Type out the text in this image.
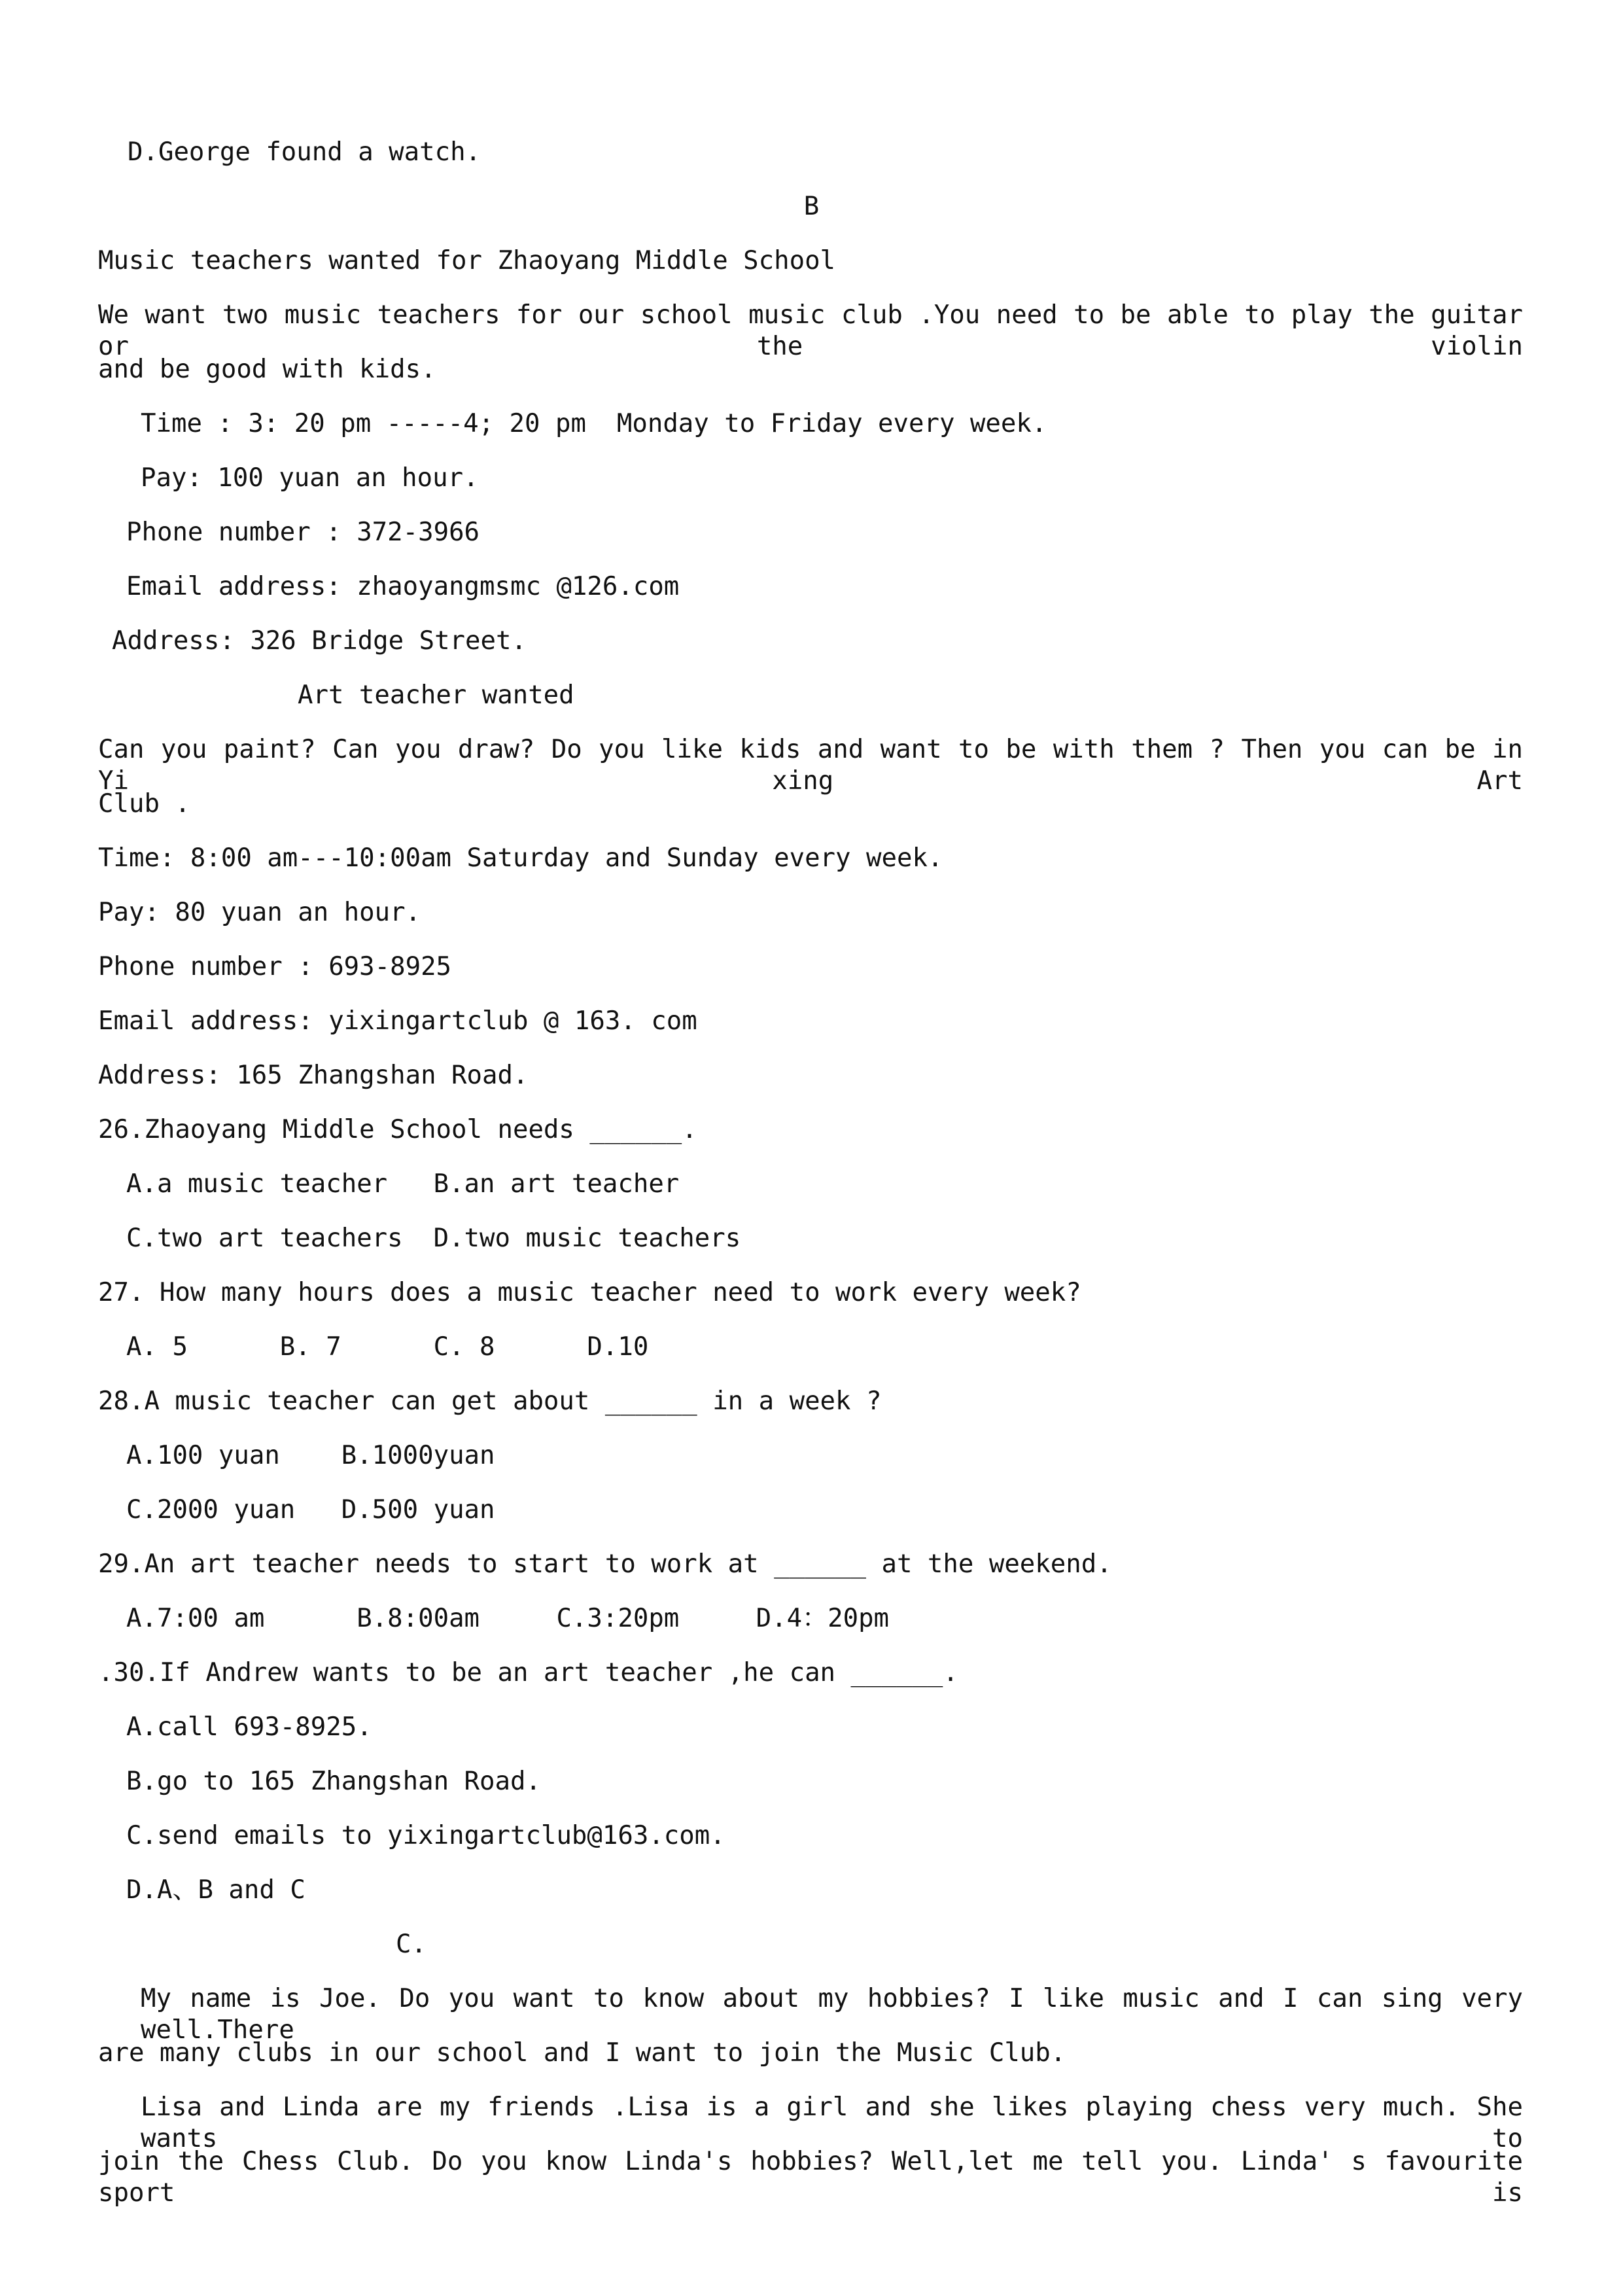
D.George found a watch.
B
Music teachers wanted for Zhaoyang Middle School
We want two music teachers for our school music club .You need to be able to play the guitar or the violin
and be good with kids.
Time : 3: 20 pm -----4; 20 pm  Monday to Friday every week.
Pay: 100 yuan an hour.
Phone number : 372-3966
Email address: zhaoyangmsmc @126.com
Address: 326 Bridge Street.
Art teacher wanted
Can you paint? Can you draw? Do you like kids and want to be with them ? Then you can be in Yi xing Art
Club .
Time: 8:00 am---10:00am Saturday and Sunday every week.
Pay: 80 yuan an hour.
Phone number : 693-8925
Email address: yixingartclub @ 163. com
Address: 165 Zhangshan Road.
26.Zhaoyang Middle School needs ______.
A.a music teacher   B.an art teacher
C.two art teachers  D.two music teachers
27. How many hours does a music teacher need to work every week?
A. 5      B. 7      C. 8      D.10
28.A music teacher can get about ______ in a week ?
A.100 yuan    B.1000yuan
C.2000 yuan   D.500 yuan
29.An art teacher needs to start to work at ______ at the weekend.
A.7:00 am      B.8:00am     C.3:20pm     D.4：20pm
.30.If Andrew wants to be an art teacher ,he can ______.
A.call 693-8925.
B.go to 165 Zhangshan Road.
C.send emails to yixingartclub@163.com.
D.A、B and C
C.
My name is Joe. Do you want to know about my hobbies? I like music and I can sing very well.There
are many clubs in our school and I want to join the Music Club.
Lisa and Linda are my friends .Lisa is a girl and she likes playing chess very much. She wants to
join the Chess Club. Do you know Linda's hobbies? Well,let me tell you. Linda' s favourite sport is
